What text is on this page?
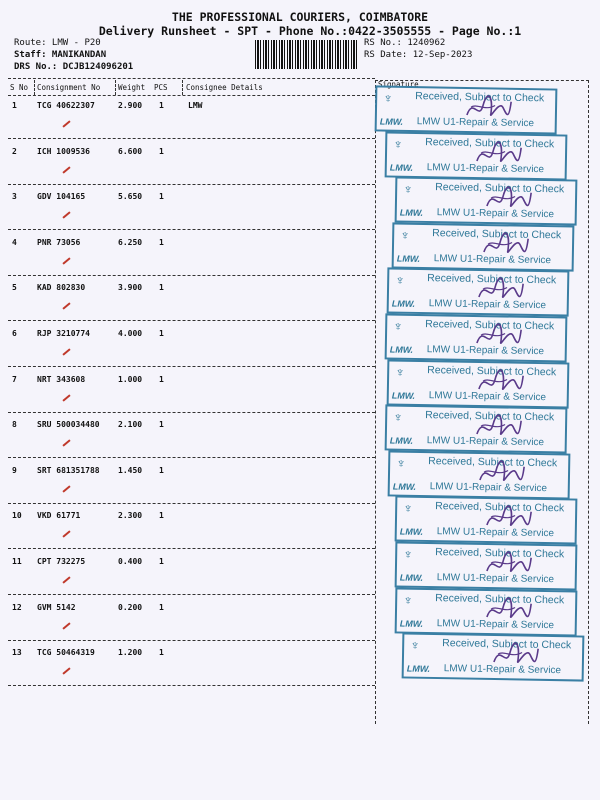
THE PROFESSIONAL COURIERS, COIMBATORE
Delivery Runsheet - SPT - Phone No.:0422-3505555 - Page No.:1
Route: LMW - P20
Staff: MANIKANDAN
DRS No.: DCJB124096201
RS No.: 1240962
RS Date: 12-Sep-2023
S No Consignment No Weight PCS Consignee Details	Signature
1	TCG 40622307	2.900 1	LMW	♆ Received, Subject to Check
LMW. LMW U1-Repair & Service
2	ICH 1009536	6.600 1	♆ Received, Subject to Check
LMW. LMW U1-Repair & Service
3	GDV 104165	5.650 1	♆ Received, Subject to Check
LMW. LMW U1-Repair & Service
4	PNR 73056	6.250 1	♆ Received, Subject to Check
LMW. LMW U1-Repair & Service
5	KAD 802830	3.900 1	♆ Received, Subject to Check
LMW. LMW U1-Repair & Service
6	RJP 3210774	4.000 1	♆ Received, Subject to Check
LMW. LMW U1-Repair & Service
7	NRT 343608	1.000 1	♆ Received, Subject to Check
LMW. LMW U1-Repair & Service
8	SRU 500034480 2.100 1	♆ Received, Subject to Check
LMW. LMW U1-Repair & Service
9	SRT 681351788 1.450 1	♆ Received, Subject to Check
LMW. LMW U1-Repair & Service
10 VKD 61771	2.300 1	♆ Received, Subject to Check
LMW. LMW U1-Repair & Service
11 CPT 732275	0.400 1	♆ Received, Subject to Check
LMW. LMW U1-Repair & Service
12 GVM 5142	0.200 1	♆ Received, Subject to Check
LMW. LMW U1-Repair & Service
13 TCG 50464319	1.200 1	♆ Received, Subject to Check
LMW. LMW U1-Repair & Service
